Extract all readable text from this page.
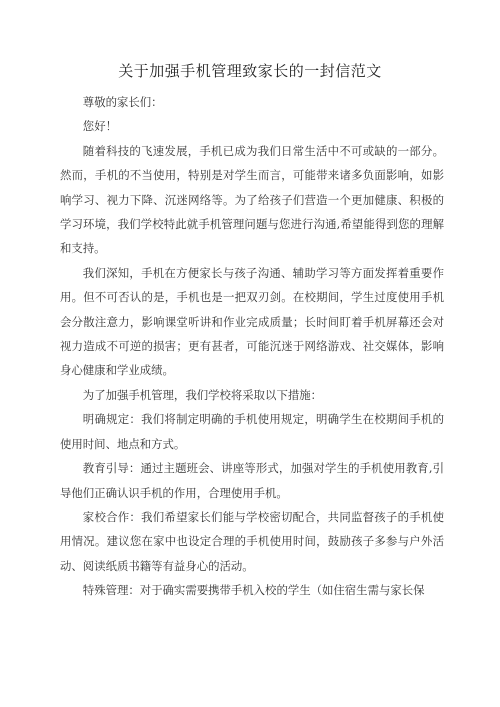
关于加强手机管理致家长的一封信范文

尊敬的家长们：

您好！

随着科技的飞速发展，手机已成为我们日常生活中不可或缺的一部分。然而，手机的不当使用，特别是对学生而言，可能带来诸多负面影响，如影响学习、视力下降、沉迷网络等。为了给孩子们营造一个更加健康、积极的学习环境，我们学校特此就手机管理问题与您进行沟通,希望能得到您的理解和支持。

我们深知，手机在方便家长与孩子沟通、辅助学习等方面发挥着重要作用。但不可否认的是，手机也是一把双刃剑。在校期间，学生过度使用手机会分散注意力，影响课堂听讲和作业完成质量；长时间盯着手机屏幕还会对视力造成不可逆的损害；更有甚者，可能沉迷于网络游戏、社交媒体，影响身心健康和学业成绩。

为了加强手机管理，我们学校将采取以下措施：

明确规定：我们将制定明确的手机使用规定，明确学生在校期间手机的使用时间、地点和方式。

教育引导：通过主题班会、讲座等形式，加强对学生的手机使用教育,引导他们正确认识手机的作用，合理使用手机。

家校合作：我们希望家长们能与学校密切配合，共同监督孩子的手机使用情况。建议您在家中也设定合理的手机使用时间，鼓励孩子多参与户外活动、阅读纸质书籍等有益身心的活动。

特殊管理：对于确实需要携带手机入校的学生（如住宿生需与家长保
